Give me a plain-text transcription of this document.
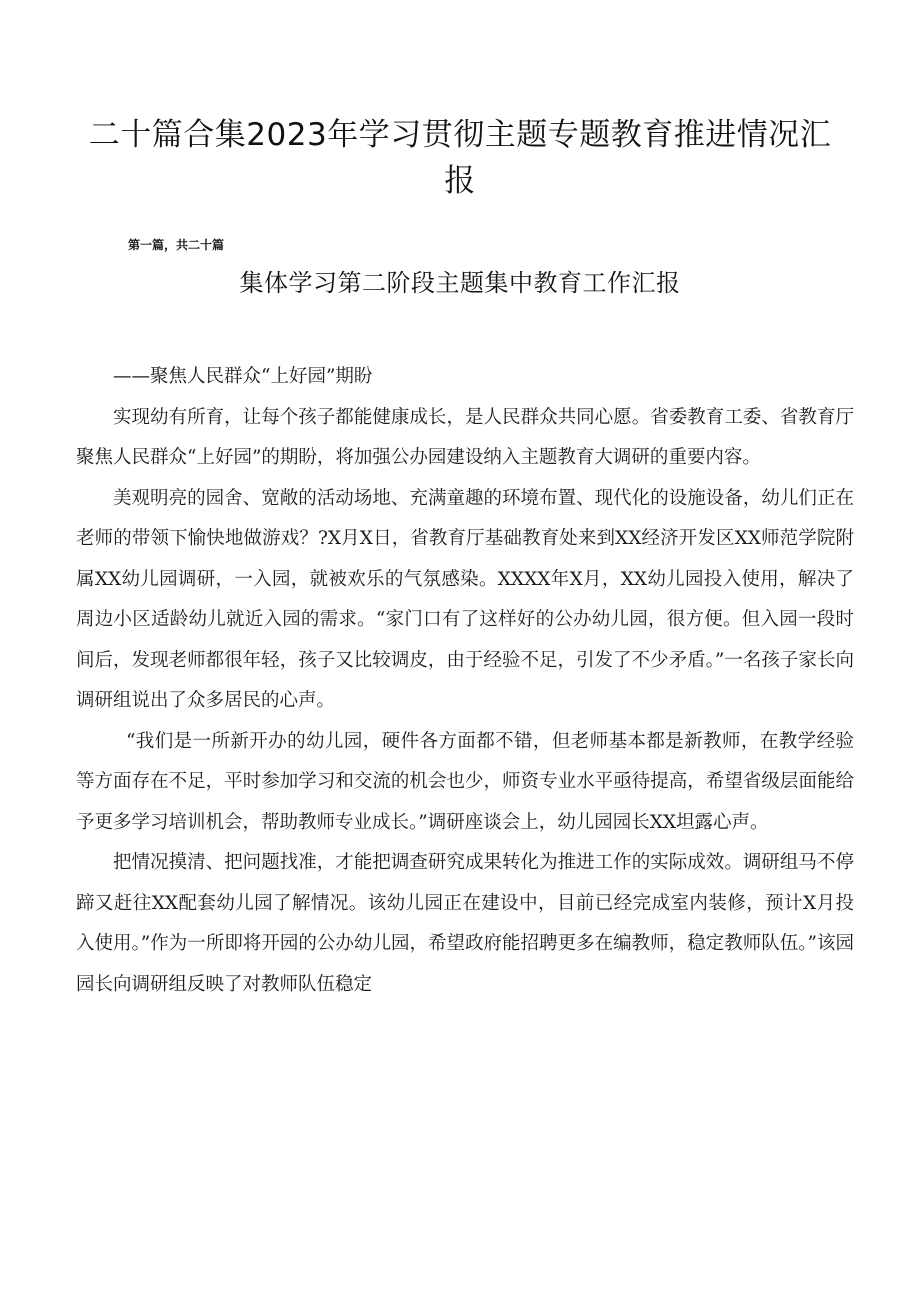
二十篇合集2023年学习贯彻主题专题教育推进情况汇报
第一篇，共二十篇
集体学习第二阶段主题集中教育工作汇报

——聚焦人民群众“上好园”期盼

实现幼有所育，让每个孩子都能健康成长，是人民群众共同心愿。省委教育工委、省教育厅聚焦人民群众“上好园”的期盼，将加强公办园建设纳入主题教育大调研的重要内容。

美观明亮的园舍、宽敞的活动场地、充满童趣的环境布置、现代化的设施设备，幼儿们正在老师的带领下愉快地做游戏？?X月X日，省教育厅基础教育处来到XX经济开发区XX师范学院附属XX幼儿园调研，一入园，就被欢乐的气氛感染。XXXX年X月，XX幼儿园投入使用，解决了周边小区适龄幼儿就近入园的需求。“家门口有了这样好的公办幼儿园，很方便。但入园一段时间后，发现老师都很年轻，孩子又比较调皮，由于经验不足，引发了不少矛盾。”一名孩子家长向调研组说出了众多居民的心声。

“我们是一所新开办的幼儿园，硬件各方面都不错，但老师基本都是新教师，在教学经验等方面存在不足，平时参加学习和交流的机会也少，师资专业水平亟待提高，希望省级层面能给予更多学习培训机会，帮助教师专业成长。”调研座谈会上，幼儿园园长XX坦露心声。

把情况摸清、把问题找准，才能把调查研究成果转化为推进工作的实际成效。调研组马不停蹄又赶往XX配套幼儿园了解情况。该幼儿园正在建设中，目前已经完成室内装修，预计X月投入使用。”作为一所即将开园的公办幼儿园，希望政府能招聘更多在编教师，稳定教师队伍。”该园园长向调研组反映了对教师队伍稳定
